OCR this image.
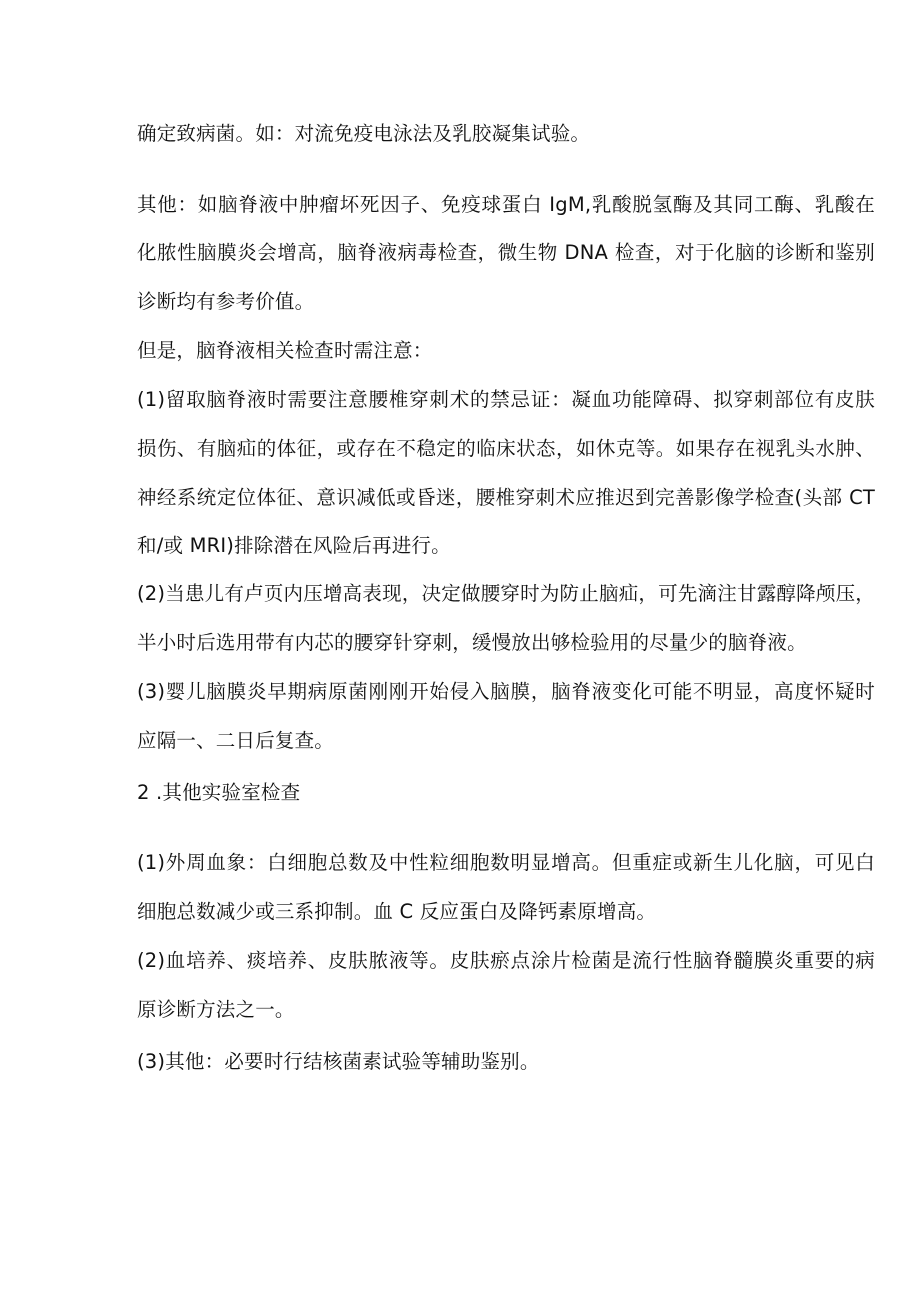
确定致病菌。如：对流免疫电泳法及乳胶凝集试验。
其他：如脑脊液中肿瘤坏死因子、免疫球蛋白 IgM,乳酸脱氢酶及其同工酶、乳酸在
化脓性脑膜炎会增高，脑脊液病毒检查，微生物 DNA 检查，对于化脑的诊断和鉴别
诊断均有参考价值。
但是，脑脊液相关检查时需注意：
(1)留取脑脊液时需要注意腰椎穿刺术的禁忌证：凝血功能障碍、拟穿刺部位有皮肤
损伤、有脑疝的体征，或存在不稳定的临床状态，如休克等。如果存在视乳头水肿、
神经系统定位体征、意识减低或昏迷，腰椎穿刺术应推迟到完善影像学检查(头部 CT
和/或 MRI)排除潜在风险后再进行。
(2)当患儿有卢页内压增高表现，决定做腰穿时为防止脑疝，可先滴注甘露醇降颅压，
半小时后选用带有内芯的腰穿针穿刺，缓慢放出够检验用的尽量少的脑脊液。
(3)婴儿脑膜炎早期病原菌刚刚开始侵入脑膜，脑脊液变化可能不明显，高度怀疑时
应隔一、二日后复查。
2 .其他实验室检查
(1)外周血象：白细胞总数及中性粒细胞数明显增高。但重症或新生儿化脑，可见白
细胞总数减少或三系抑制。血 C 反应蛋白及降钙素原增高。
(2)血培养、痰培养、皮肤脓液等。皮肤瘀点涂片检菌是流行性脑脊髓膜炎重要的病
原诊断方法之一。
(3)其他：必要时行结核菌素试验等辅助鉴别。
